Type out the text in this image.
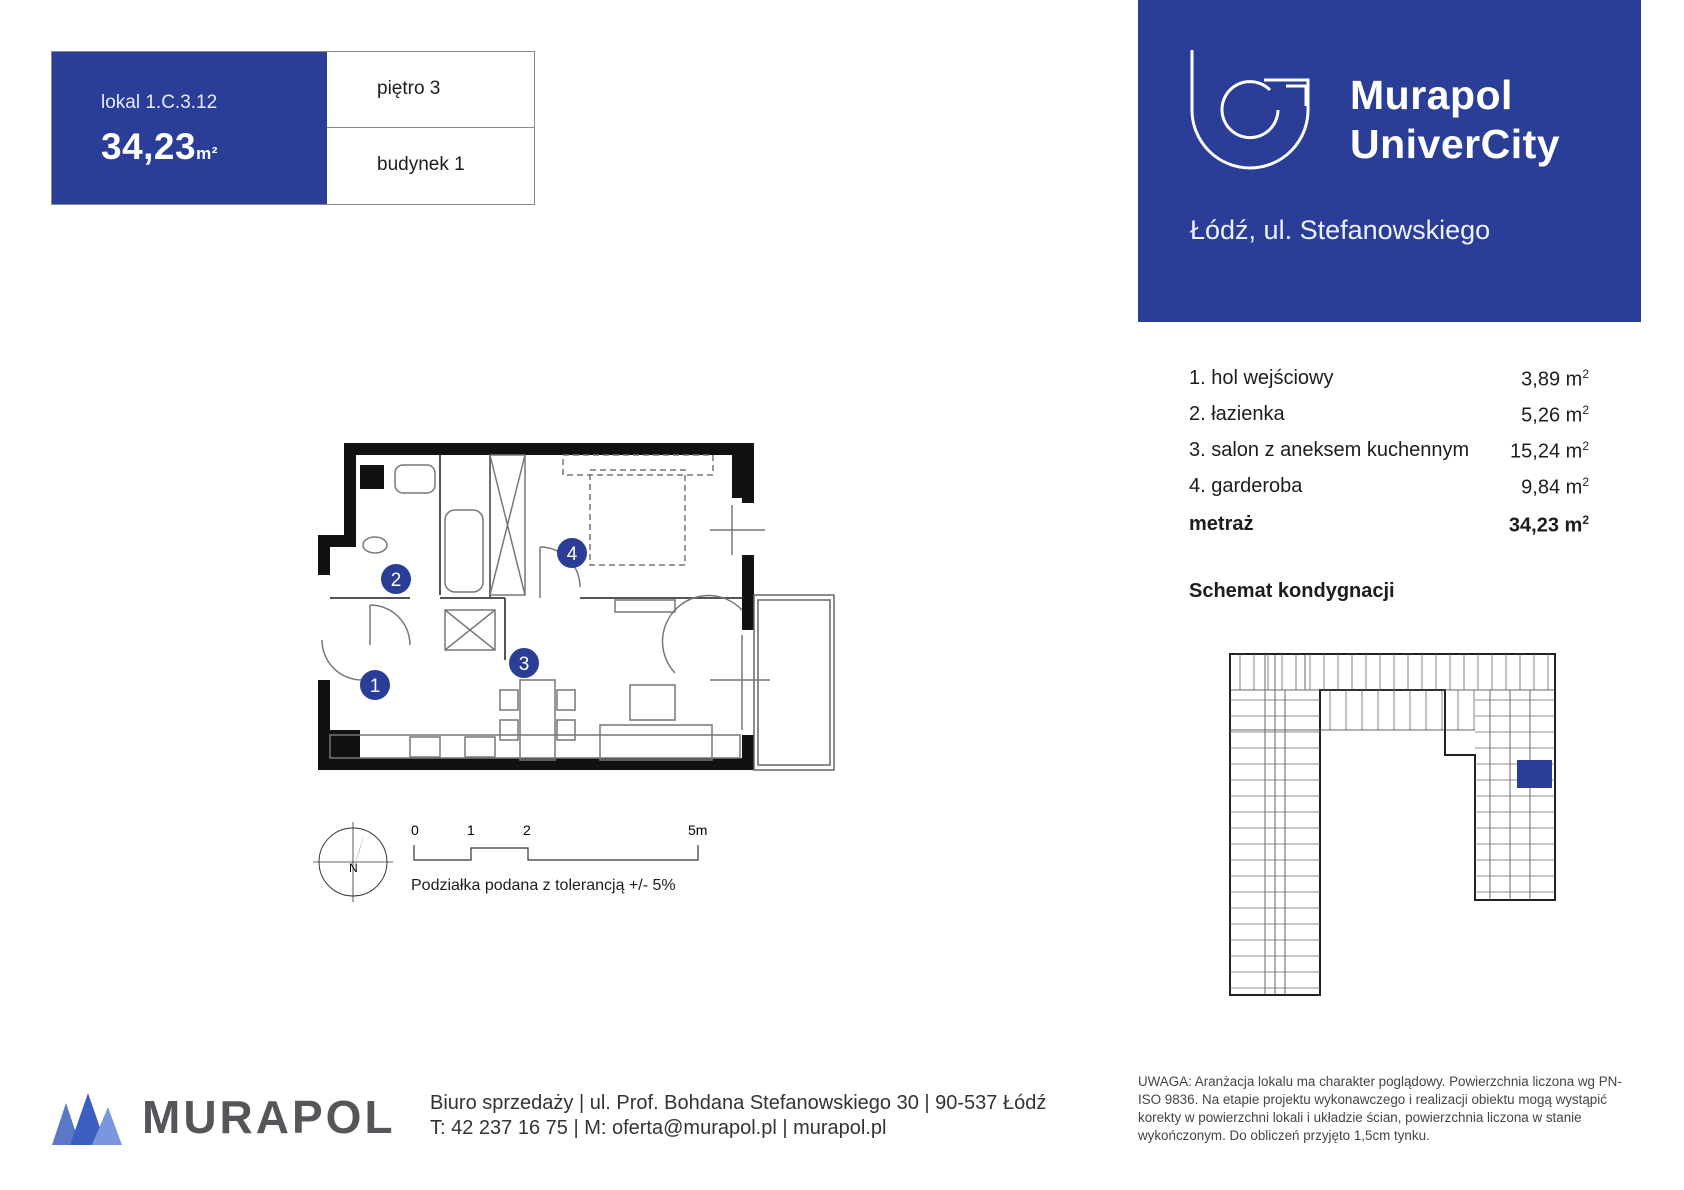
lokal 1.C.3.12
34,23m²
piętro 3
budynek 1
Murapol
UniverCity
Łódź, ul. Stefanowskiego
1. hol wejściowy	3,89 $m^2$
2. łazienka	5,26 $m^2$
3. salon z aneksem kuchennym 15,24 $m^2$
4. garderoba	9,84 $m^2$
metraż	34,23 $m^2$
Schemat kondygnacji
1
2
3
4
N
0	1	2	5m
Podziałka podana z tolerancją +/- 5%
MURAPOL Biuro sprzedaży | ul. Prof. Bohdana Stefanowskiego 30 | 90-537 Łódź
T: 42 237 16 75 | M: oferta@murapol.pl | murapol.pl
UWAGA: Aranżacja lokalu ma charakter poglądowy. Powierzchnia liczona wg PN-ISO 9836. Na etapie projektu wykonawczego i realizacji obiektu mogą wystąpić korekty w powierzchni lokali i układzie ścian, powierzchnia liczona w stanie wykończonym. Do obliczeń przyjęto 1,5cm tynku.
